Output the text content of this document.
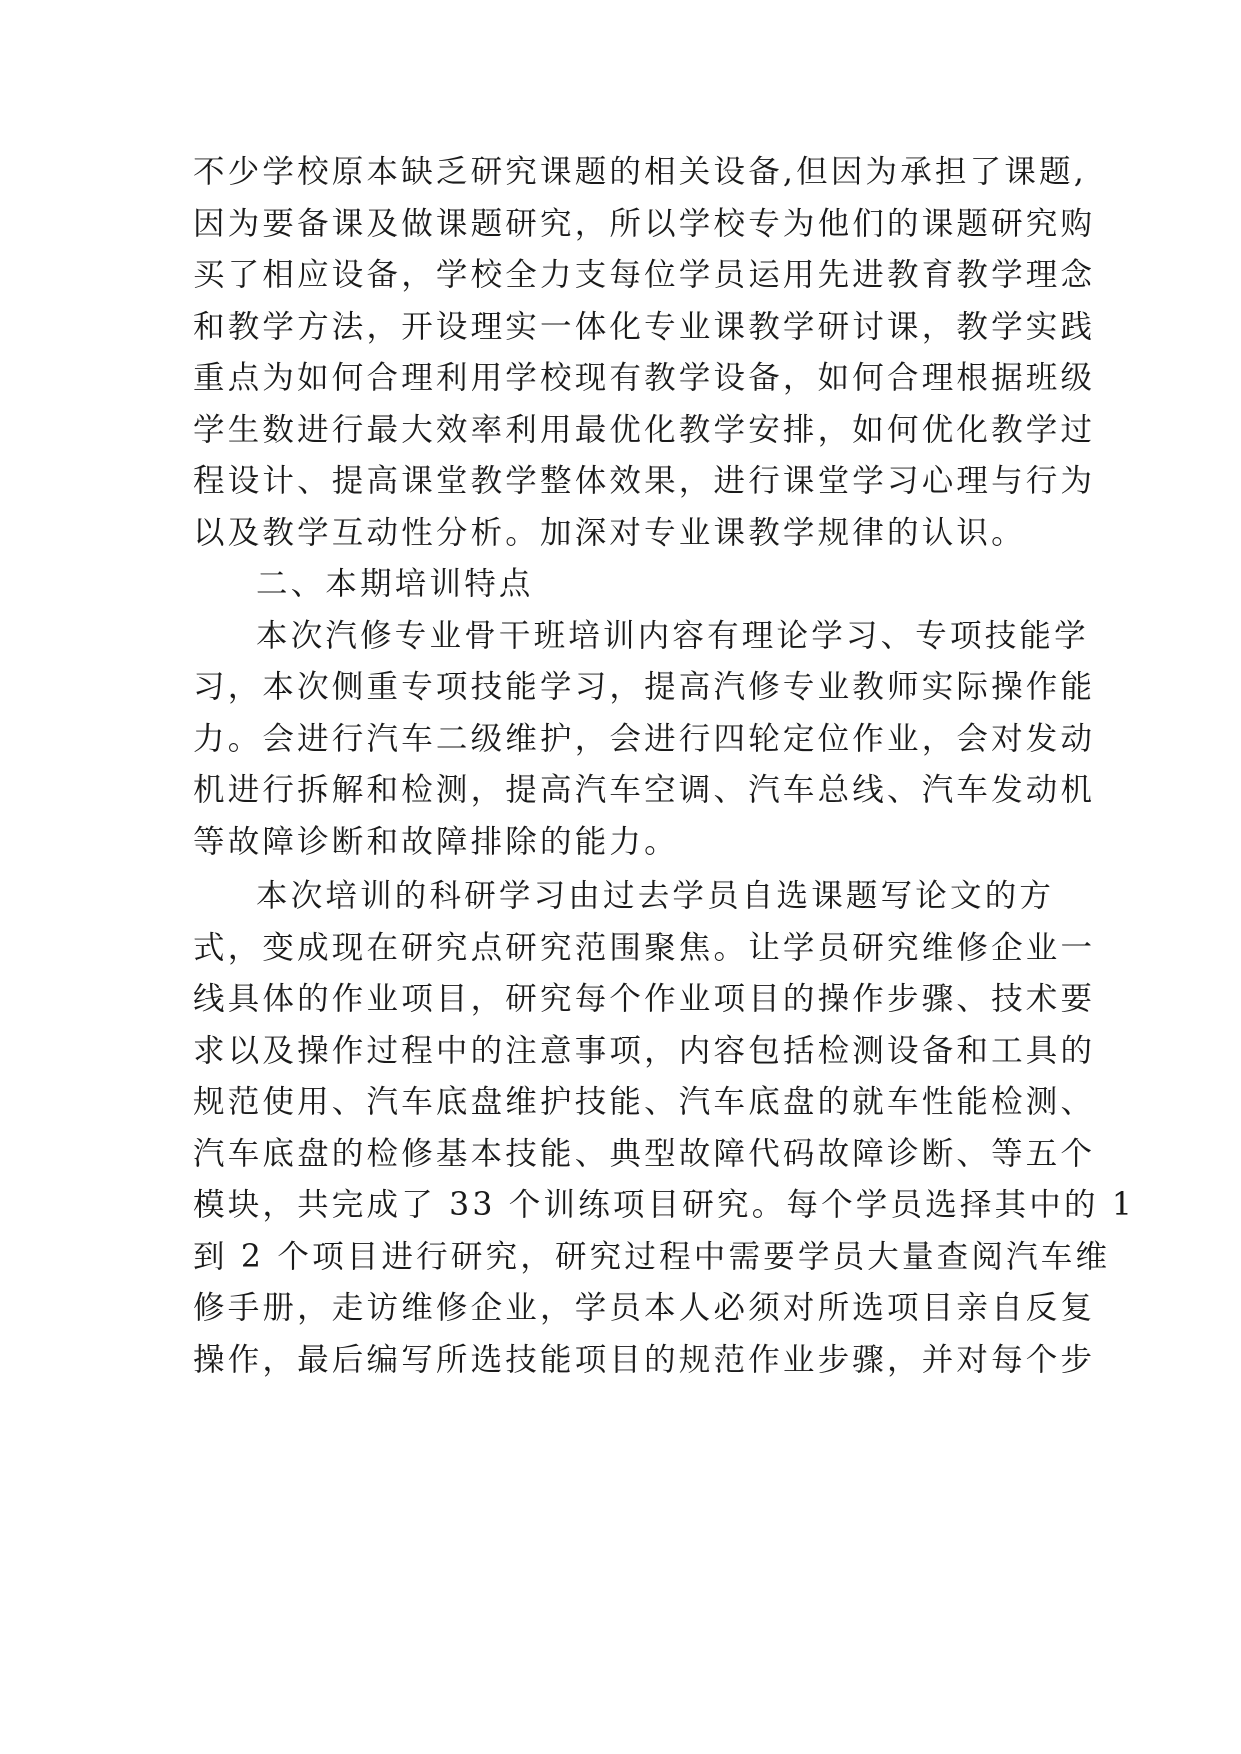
不少学校原本缺乏研究课题的相关设备,但因为承担了课题,
因为要备课及做课题研究，所以学校专为他们的课题研究购
买了相应设备，学校全力支每位学员运用先进教育教学理念
和教学方法，开设理实一体化专业课教学研讨课，教学实践
重点为如何合理利用学校现有教学设备，如何合理根据班级
学生数进行最大效率利用最优化教学安排，如何优化教学过
程设计、提高课堂教学整体效果，进行课堂学习心理与行为
以及教学互动性分析。加深对专业课教学规律的认识。
二、本期培训特点
本次汽修专业骨干班培训内容有理论学习、专项技能学
习，本次侧重专项技能学习，提高汽修专业教师实际操作能
力。会进行汽车二级维护，会进行四轮定位作业，会对发动
机进行拆解和检测，提高汽车空调、汽车总线、汽车发动机
等故障诊断和故障排除的能力。
本次培训的科研学习由过去学员自选课题写论文的方
式，变成现在研究点研究范围聚焦。让学员研究维修企业一
线具体的作业项目，研究每个作业项目的操作步骤、技术要
求以及操作过程中的注意事项，内容包括检测设备和工具的
规范使用、汽车底盘维护技能、汽车底盘的就车性能检测、
汽车底盘的检修基本技能、典型故障代码故障诊断、等五个
模块，共完成了 33 个训练项目研究。每个学员选择其中的 1
到 2 个项目进行研究，研究过程中需要学员大量查阅汽车维
修手册，走访维修企业，学员本人必须对所选项目亲自反复
操作，最后编写所选技能项目的规范作业步骤，并对每个步
